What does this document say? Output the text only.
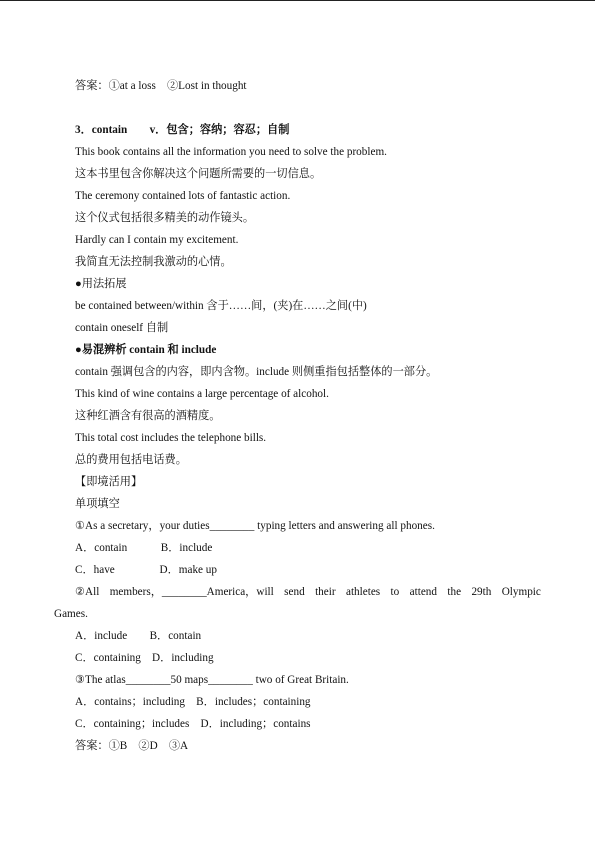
答案：①at a loss　②Lost in thought
3．contain　　v．包含；容纳；容忍；自制
This book contains all the information you need to solve the problem.
这本书里包含你解决这个问题所需要的一切信息。
The ceremony contained lots of fantastic action.
这个仪式包括很多精美的动作镜头。
Hardly can I contain my excitement.
我简直无法控制我激动的心情。
●用法拓展
be contained between/within 含于……间，(夹)在……之间(中)
contain oneself 自制
●易混辨析 contain 和 include
contain 强调包含的内容，即内含物。include 则侧重指包括整体的一部分。
This kind of wine contains a large percentage of alcohol.
这种红酒含有很高的酒精度。
This total cost includes the telephone bills.
总的费用包括电话费。
【即境活用】
单项填空
①As a secretary，your duties________ typing letters and answering all phones.
A．contain　　　B．include
C．have　　　　D．make up
②All members，________America，will send their athletes to attend the 29th Olympic
Games.
A．include　　B．contain
C．containing　D．including
③The atlas________50 maps________ two of Great Britain.
A．contains；including　B．includes；containing
C．containing；includes　D．including；contains
答案：①B　②D　③A
